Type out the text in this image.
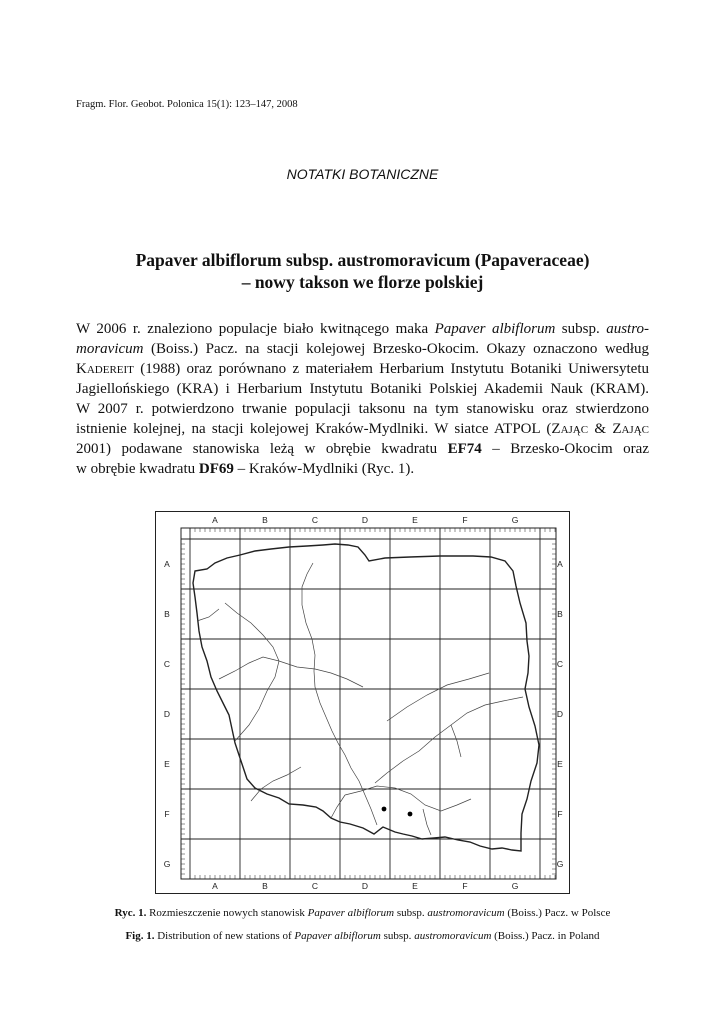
Fragm. Flor. Geobot. Polonica 15(1): 123–147, 2008
NOTATKI BOTANICZNE
Papaver albiflorum subsp. austromoravicum (Papaveraceae)
– nowy takson we florze polskiej
W 2006 r. znaleziono populacje biało kwitnącego maka Papaver albiflorum subsp. austro-
moravicum (Boiss.) Pacz. na stacji kolejowej Brzesko-Okocim. Okazy oznaczono według
Kadereit (1988) oraz porównano z materiałem Herbarium Instytutu Botaniki Uniwersytetu
Jagiellońskiego (KRA) i Herbarium Instytutu Botaniki Polskiej Akademii Nauk (KRAM).
W 2007 r. potwierdzono trwanie populacji taksonu na tym stanowisku oraz stwierdzono
istnienie kolejnej, na stacji kolejowej Kraków-Mydlniki. W siatce ATPOL (Zając & Zając
2001) podawane stanowiska leżą w obrębie kwadratu EF74 – Brzesko-Okocim oraz
w obrębie kwadratu DF69 – Kraków-Mydlniki (Ryc. 1).
A
A
B
B
C
C
D
D
E
E
F
F
G
G
A	A
B	B
C	C
D	D
E	E
F	F
G	G
Ryc. 1. Rozmieszczenie nowych stanowisk Papaver albiflorum subsp. austromoravicum (Boiss.) Pacz. w Polsce
Fig. 1. Distribution of new stations of Papaver albiflorum subsp. austromoravicum (Boiss.) Pacz. in Poland
